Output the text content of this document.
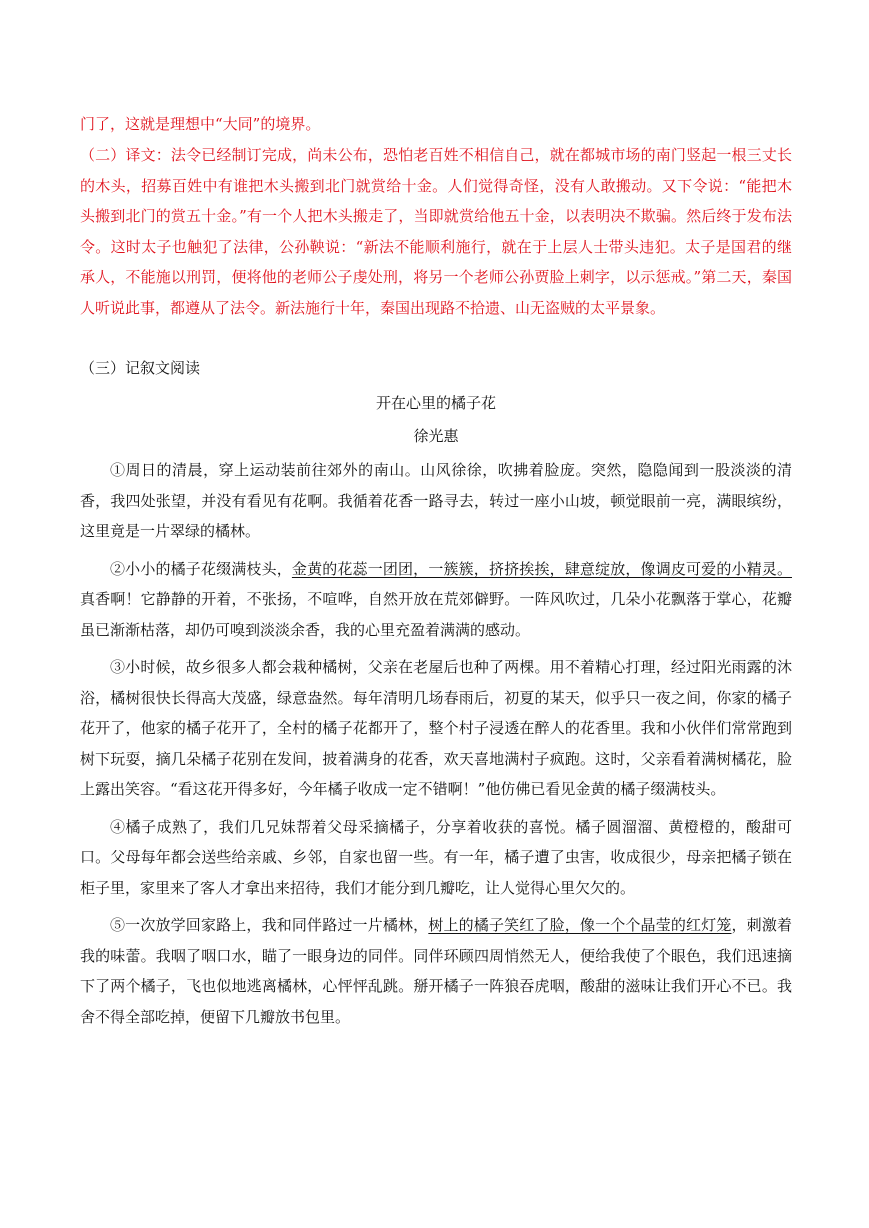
门了，这就是理想中“大同”的境界。

（二）译文：法令已经制订完成，尚未公布，恐怕老百姓不相信自己，就在都城市场的南门竖起一根三丈长的木头，招募百姓中有谁把木头搬到北门就赏给十金。人们觉得奇怪，没有人敢搬动。又下令说：“能把木头搬到北门的赏五十金。”有一个人把木头搬走了，当即就赏给他五十金，以表明决不欺骗。然后终于发布法令。这时太子也触犯了法律，公孙鞅说：“新法不能顺利施行，就在于上层人士带头违犯。太子是国君的继承人，不能施以刑罚，便将他的老师公子虔处刑，将另一个老师公孙贾脸上刺字，以示惩戒。”第二天，秦国人听说此事，都遵从了法令。新法施行十年，秦国出现路不拾遗、山无盗贼的太平景象。

（三）记叙文阅读

开在心里的橘子花
徐光惠

①周日的清晨，穿上运动装前往郊外的南山。山风徐徐，吹拂着脸庞。突然，隐隐闻到一股淡淡的清香，我四处张望，并没有看见有花啊。我循着花香一路寻去，转过一座小山坡，顿觉眼前一亮，满眼缤纷，这里竟是一片翠绿的橘林。

②小小的橘子花缀满枝头，金黄的花蕊一团团，一簇簇，挤挤挨挨，肆意绽放，像调皮可爱的小精灵。真香啊！它静静的开着，不张扬，不喧哗，自然开放在荒郊僻野。一阵风吹过，几朵小花飘落于掌心，花瓣虽已渐渐枯落，却仍可嗅到淡淡余香，我的心里充盈着满满的感动。

③小时候，故乡很多人都会栽种橘树，父亲在老屋后也种了两棵。用不着精心打理，经过阳光雨露的沐浴，橘树很快长得高大茂盛，绿意盎然。每年清明几场春雨后，初夏的某天，似乎只一夜之间，你家的橘子花开了，他家的橘子花开了，全村的橘子花都开了，整个村子浸透在醉人的花香里。我和小伙伴们常常跑到树下玩耍，摘几朵橘子花别在发间，披着满身的花香，欢天喜地满村子疯跑。这时，父亲看着满树橘花，脸上露出笑容。“看这花开得多好，今年橘子收成一定不错啊！”他仿佛已看见金黄的橘子缀满枝头。

④橘子成熟了，我们几兄妹帮着父母采摘橘子，分享着收获的喜悦。橘子圆溜溜、黄橙橙的，酸甜可口。父母每年都会送些给亲戚、乡邻，自家也留一些。有一年，橘子遭了虫害，收成很少，母亲把橘子锁在柜子里，家里来了客人才拿出来招待，我们才能分到几瓣吃，让人觉得心里欠欠的。

⑤一次放学回家路上，我和同伴路过一片橘林，树上的橘子笑红了脸，像一个个晶莹的红灯笼，刺激着我的味蕾。我咽了咽口水，瞄了一眼身边的同伴。同伴环顾四周悄然无人，便给我使了个眼色，我们迅速摘下了两个橘子，飞也似地逃离橘林，心怦怦乱跳。掰开橘子一阵狼吞虎咽，酸甜的滋味让我们开心不已。我舍不得全部吃掉，便留下几瓣放书包里。
